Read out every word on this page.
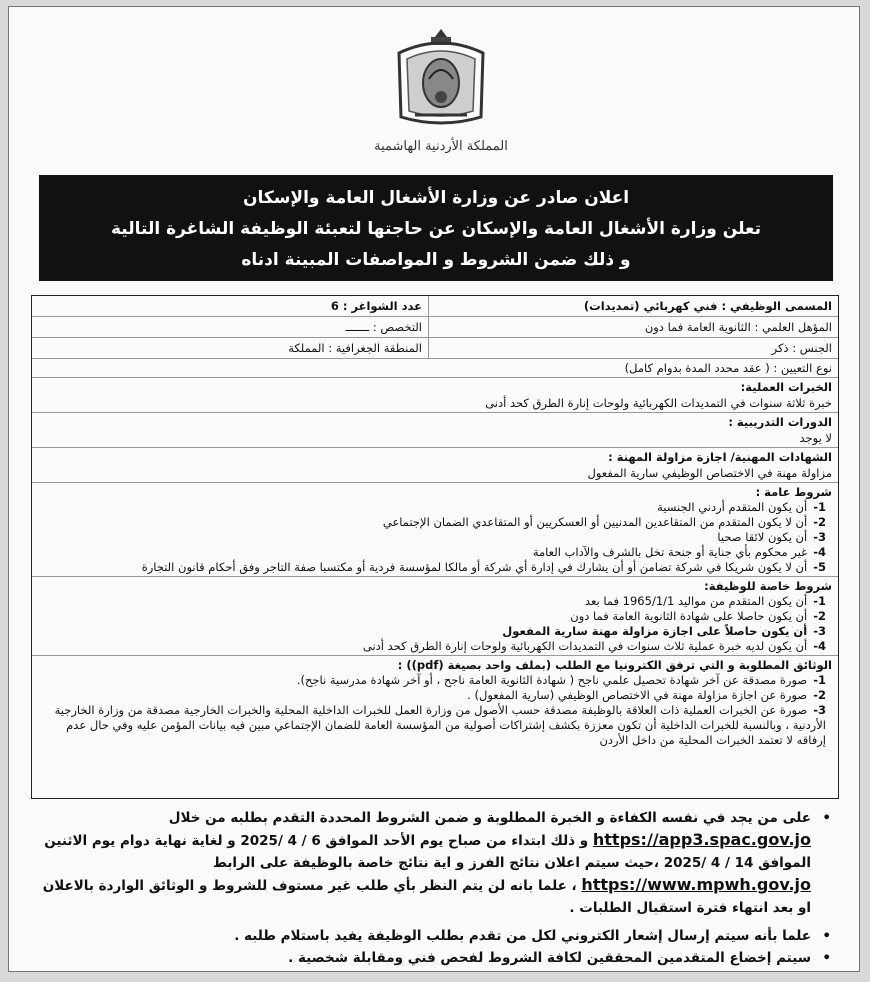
المملكة الأردنية الهاشمية
اعلان صادر عن وزارة الأشغال العامة والإسكان
تعلن وزارة الأشغال العامة والإسكان عن حاجتها لتعبئة الوظيفة الشاغرة التالية
و ذلك ضمن الشروط و المواصفات المبينة ادناه
المسمى الوظيفي : فني كهربائي (تمديدات)
عدد الشواغر : 6
المؤهل العلمي : الثانوية العامة فما دون
التخصص : ـــــــ
الجنس : ذكر
المنطقة الجغرافية : المملكة
نوع التعيين : ( عقد محدد المدة بدوام كامل)
الخبرات العملية:
خبرة ثلاثة سنوات في التمديدات الكهربائية ولوحات إنارة الطرق كحد أدنى
الدورات التدريبية :
لا يوجد
الشهادات المهنية/ اجازة مزاولة المهنة :
مزاولة مهنة في الاختصاص الوظيفي سارية المفعول
شروط عامة :
1-أن يكون المتقدم أردني الجنسية
2-أن لا يكون المتقدم من المتقاعدين المدنيين أو العسكريين أو المتقاعدي الضمان الإجتماعي
3-أن يكون لائقا صحيا
4-غير محكوم بأي جناية أو جنحة تخل بالشرف والآداب العامة
5-أن لا يكون شريكا في شركة تضامن أو أن يشارك في إدارة أي شركة أو مالكا لمؤسسة فردية أو مكتسبا صفة التاجر وفق أحكام قانون التجارة
شروط خاصة للوظيفة:
1-أن يكون المتقدم من مواليد 1965/1/1 فما بعد
2-أن يكون حاصلا على شهادة الثانوية العامة فما دون
3-أن يكون حاصلاً على اجازة مزاولة مهنة سارية المفعول
4-أن يكون لديه خبرة عملية ثلاث سنوات في التمديدات الكهربائية ولوحات إنارة الطرق كحد أدنى
الوثائق المطلوبة و التي ترفق الكترونيا مع الطلب (بملف واحد بصيغة (pdf)) :
1-صورة مصدقة عن آخر شهادة تحصيل علمي ناجح ( شهادة الثانوية العامة ناجح ، أو آخر شهادة مدرسية ناجح).
2-صورة عن اجازة مزاولة مهنة في الاختصاص الوظيفي (سارية المفعول) .
3-صورة عن الخبرات العملية ذات العلاقة بالوظيفة مصدقة حسب الأصول من وزارة العمل للخبرات الداخلية المحلية والخبرات الخارجية مصدقة من وزارة الخارجية الأردنية ، وبالنسبة للخبرات الداخلية أن تكون معززة بكشف إشتراكات أصولية من المؤسسة العامة للضمان الإجتماعي مبين فيه بيانات المؤمن عليه وفي حال عدم إرفاقه لا تعتمد الخبرات المحلية من داخل الأردن
•
على من يجد في نفسه الكفاءة و الخبرة المطلوبة و ضمن الشروط المحددة التقدم بطلبه من خلال https://app3.spac.gov.jo و ذلك ابتداء من صباح يوم الأحد الموافق 6 / 4 /2025 و لغاية نهاية دوام يوم الاثنين الموافق 14 / 4 /2025 ،حيث سيتم اعلان نتائج الفرز و اية نتائج خاصة بالوظيفة على الرابط https://www.mpwh.gov.jo ، علما بانه لن يتم النظر بأي طلب غير مستوف للشروط و الوثائق الواردة بالاعلان او بعد انتهاء فترة استقبال الطلبات .
•
علما بأنه سيتم إرسال إشعار الكتروني لكل من تقدم بطلب الوظيفة يفيد باستلام طلبه .
•
سيتم إخضاع المتقدمين المحققين لكافة الشروط لفحص فني ومقابلة شخصية .
